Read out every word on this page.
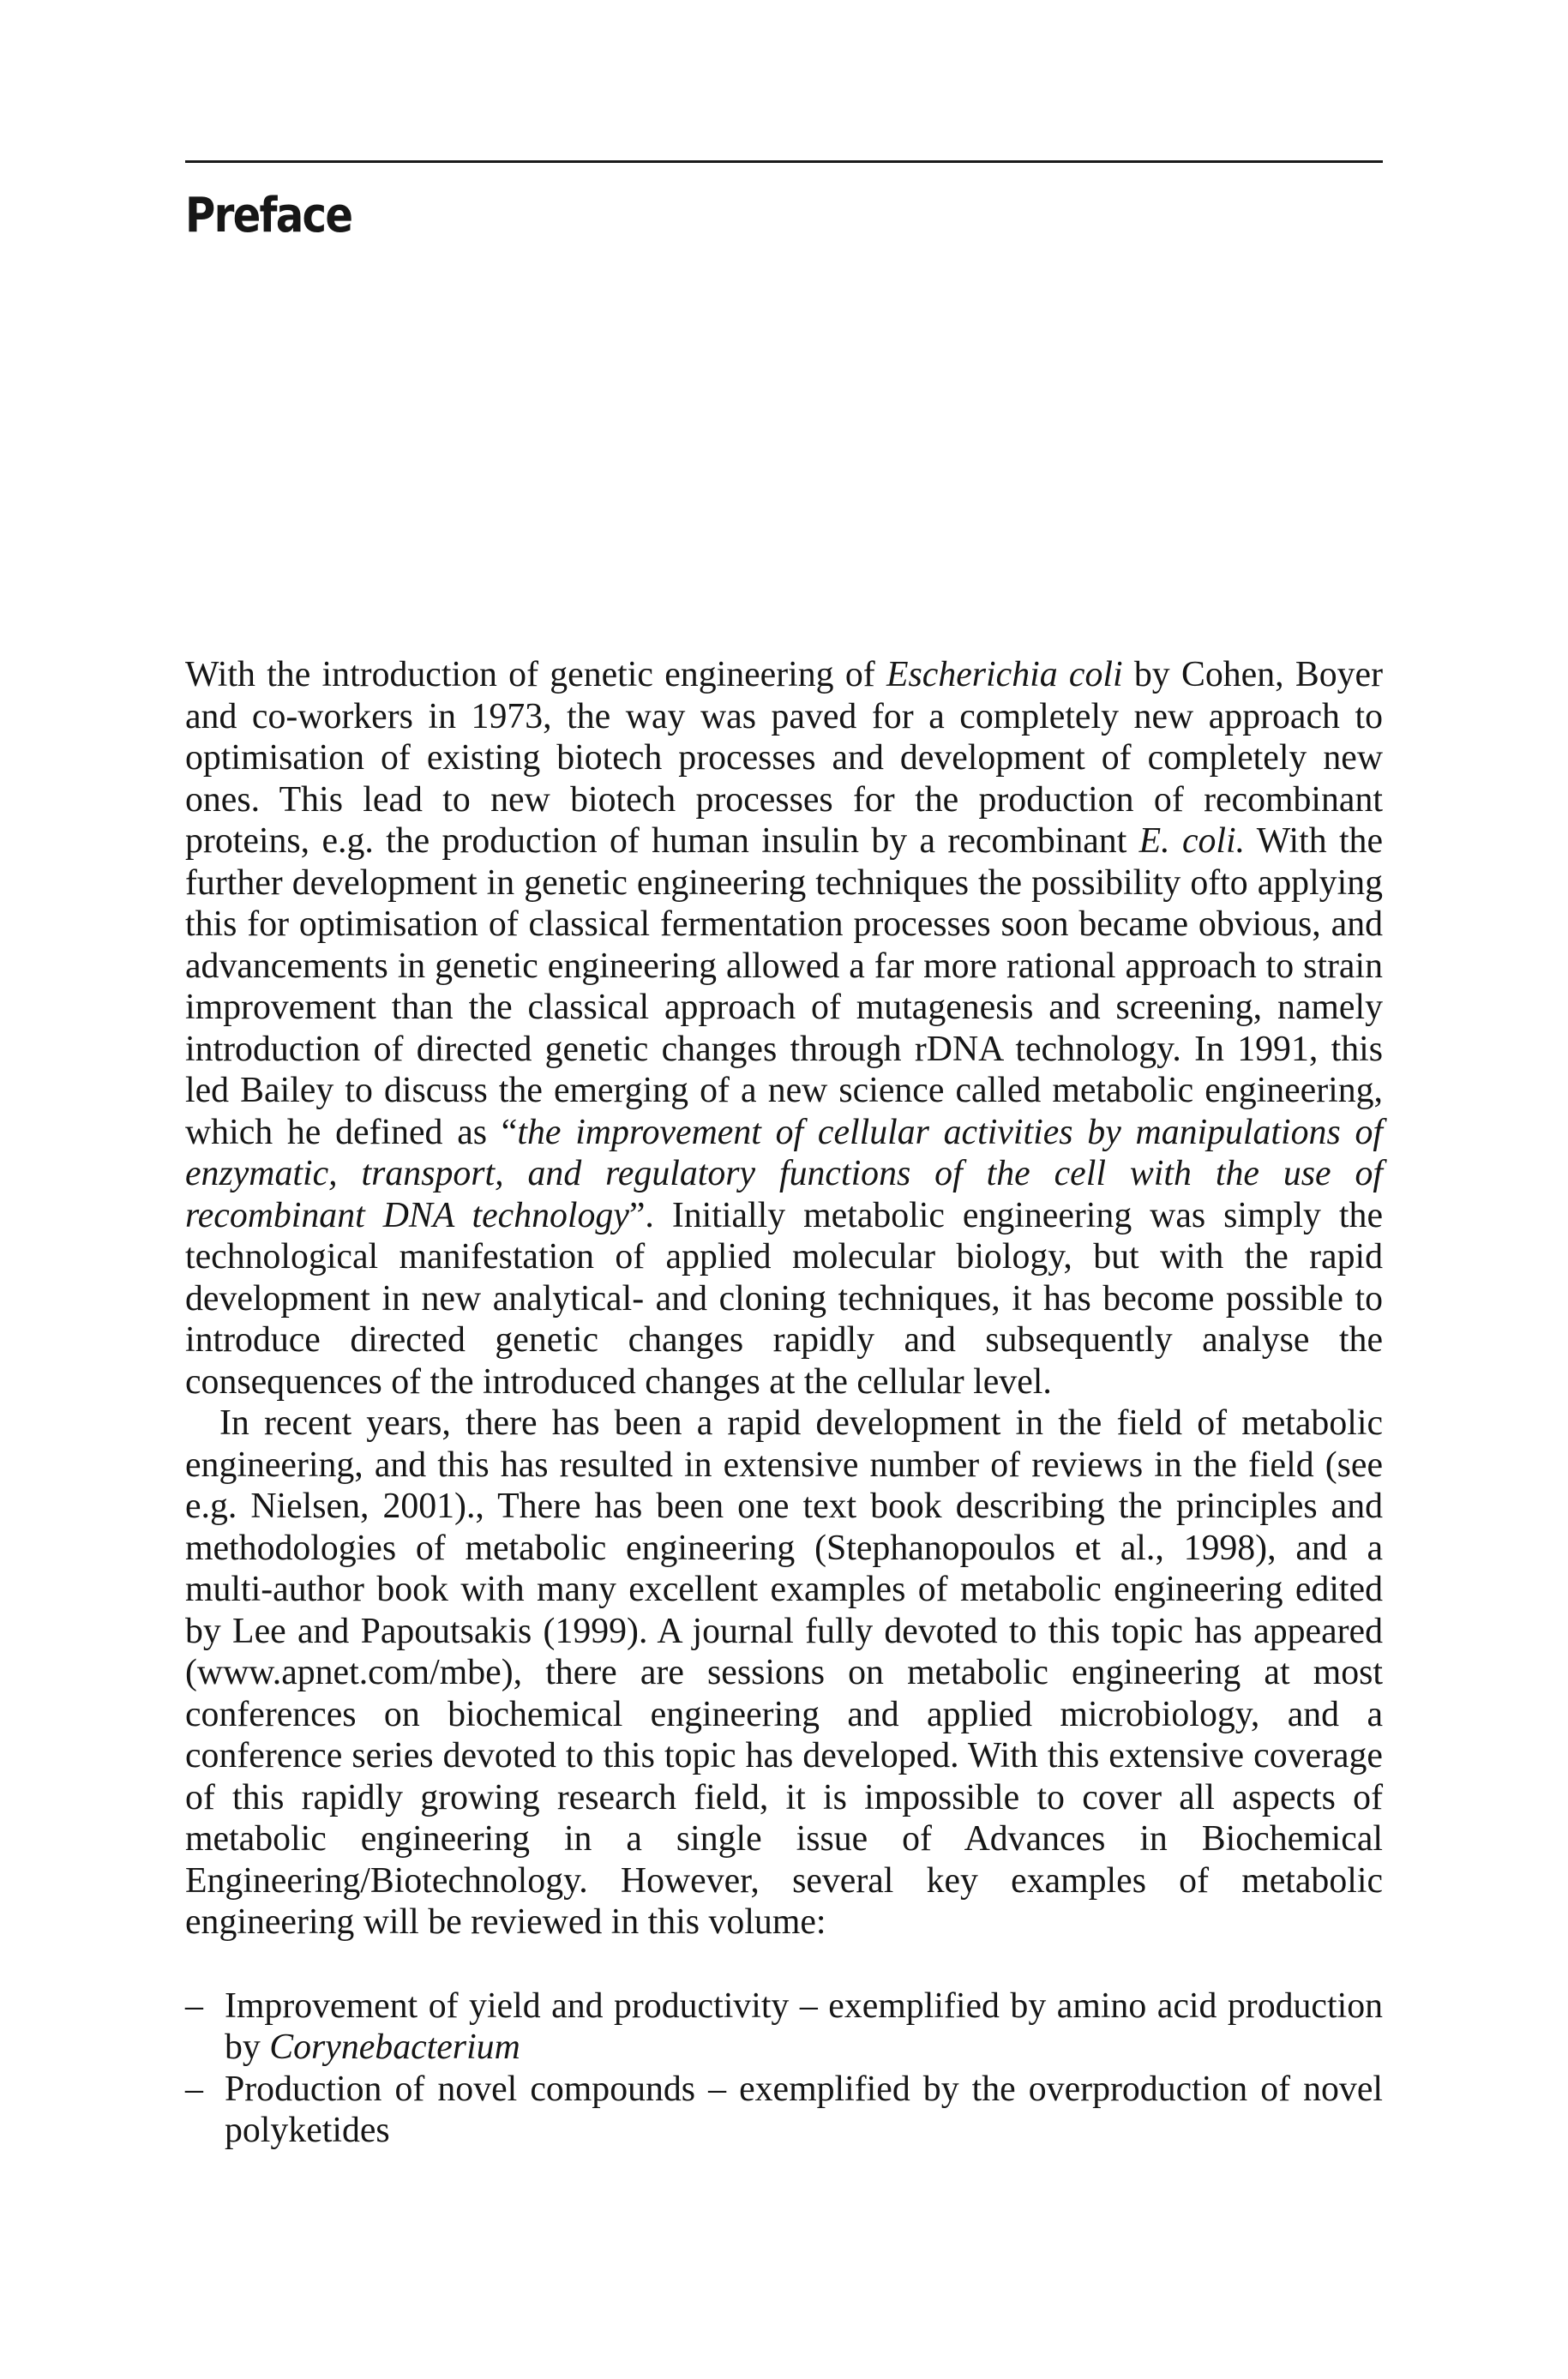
Preface

With the introduction of genetic engineering of Escherichia coli by Cohen, Boyer and co-workers in 1973, the way was paved for a completely new approach to optimisation of existing biotech processes and development of completely new ones. This lead to new biotech processes for the production of recombinant proteins, e.g. the production of human insulin by a recombinant E. coli. With the further development in genetic engineering techniques the possibility ofto applying this for optimisation of classical fermentation processes soon became obvious, and advancements in genetic engineering allowed a far more rational approach to strain improvement than the classical approach of mutagenesis and screening, namely introduction of directed genetic changes through rDNA technology. In 1991, this led Bailey to discuss the emerging of a new science called metabolic engineering, which he defined as “the improvement of cellular activities by manipulations of enzymatic, transport, and regulatory functions of the cell with the use of recombinant DNA technology”. Initially metabolic engineering was simply the technological manifestation of applied molecular biology, but with the rapid development in new analytical- and cloning techniques, it has become possible to introduce directed genetic changes rapidly and subsequently analyse the consequences of the introduced changes at the cellular level.

In recent years, there has been a rapid development in the field of metabolic engineering, and this has resulted in extensive number of reviews in the field (see e.g. Nielsen, 2001)., There has been one text book describing the principles and methodologies of metabolic engineering (Stephanopoulos et al., 1998), and a multi-author book with many excellent examples of metabolic engineering edited by Lee and Papoutsakis (1999). A journal fully devoted to this topic has appeared (www.apnet.com/mbe), there are sessions on metabolic engineering at most conferences on biochemical engineering and applied microbiology, and a conference series devoted to this topic has developed. With this extensive coverage of this rapidly growing research field, it is impossible to cover all aspects of metabolic engineering in a single issue of Advances in Biochemical Engineering/Biotechnology. However, several key examples of metabolic engineering will be reviewed in this volume:

– Improvement of yield and productivity – exemplified by amino acid production by Corynebacterium
– Production of novel compounds – exemplified by the overproduction of novel polyketides
